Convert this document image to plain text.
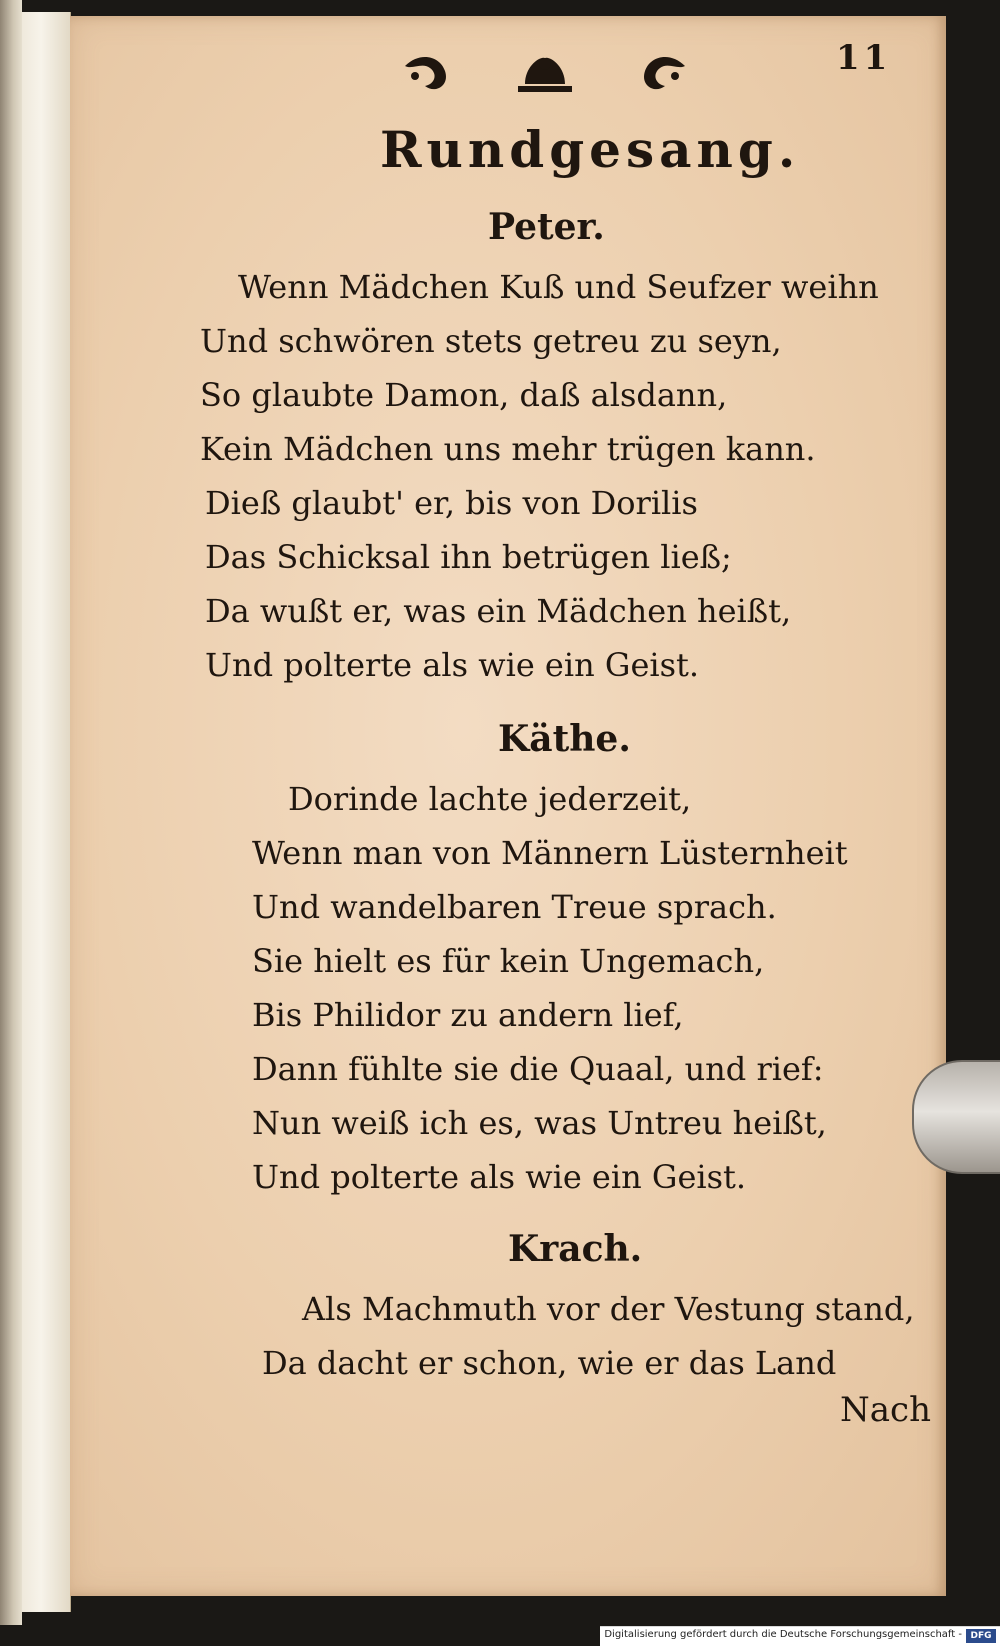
11
Rundgesang.
Peter.
Wenn Mädchen Kuß und Seufzer weihn
Und schwören stets getreu zu seyn,
So glaubte Damon, daß alsdann,
Kein Mädchen uns mehr trügen kann.
Dieß glaubt' er, bis von Dorilis
Das Schicksal ihn betrügen ließ;
Da wußt er, was ein Mädchen heißt,
Und polterte als wie ein Geist.
Käthe.
Dorinde lachte jederzeit,
Wenn man von Männern Lüsternheit
Und wandelbaren Treue sprach.
Sie hielt es für kein Ungemach,
Bis Philidor zu andern lief,
Dann fühlte sie die Quaal, und rief:
Nun weiß ich es, was Untreu heißt,
Und polterte als wie ein Geist.
Krach.
Als Machmuth vor der Vestung stand,
Da dacht er schon, wie er das Land
Nach
Digitalisierung gefördert durch die Deutsche Forschungsgemeinschaft - DFG
